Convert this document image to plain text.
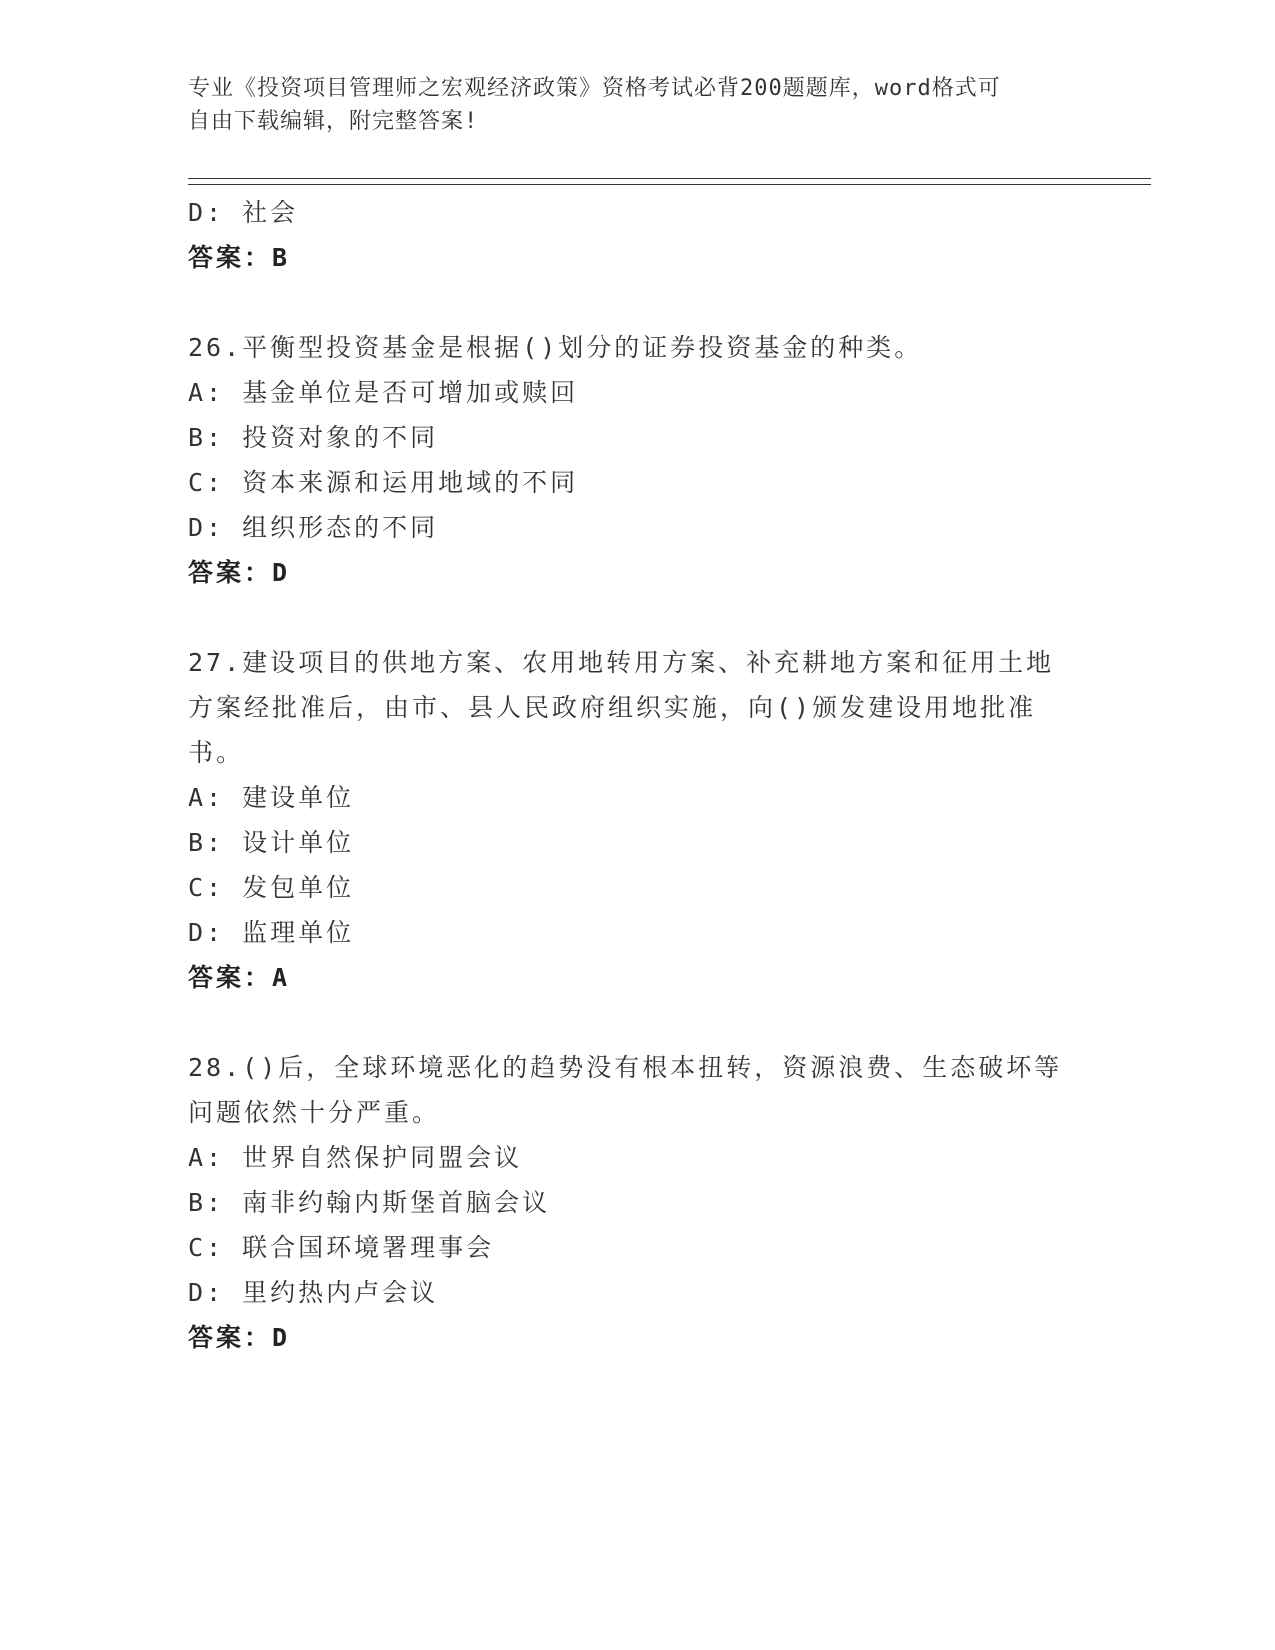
专业《投资项目管理师之宏观经济政策》资格考试必背200题题库，word格式可
自由下载编辑，附完整答案!
D: 社会
答案：B
26.平衡型投资基金是根据()划分的证券投资基金的种类。
A: 基金单位是否可增加或赎回
B: 投资对象的不同
C: 资本来源和运用地域的不同
D: 组织形态的不同
答案：D
27.建设项目的供地方案、农用地转用方案、补充耕地方案和征用土地
方案经批准后，由市、县人民政府组织实施，向()颁发建设用地批准
书。
A: 建设单位
B: 设计单位
C: 发包单位
D: 监理单位
答案：A
28.()后，全球环境恶化的趋势没有根本扭转，资源浪费、生态破坏等
问题依然十分严重。
A: 世界自然保护同盟会议
B: 南非约翰内斯堡首脑会议
C: 联合国环境署理事会
D: 里约热内卢会议
答案：D
